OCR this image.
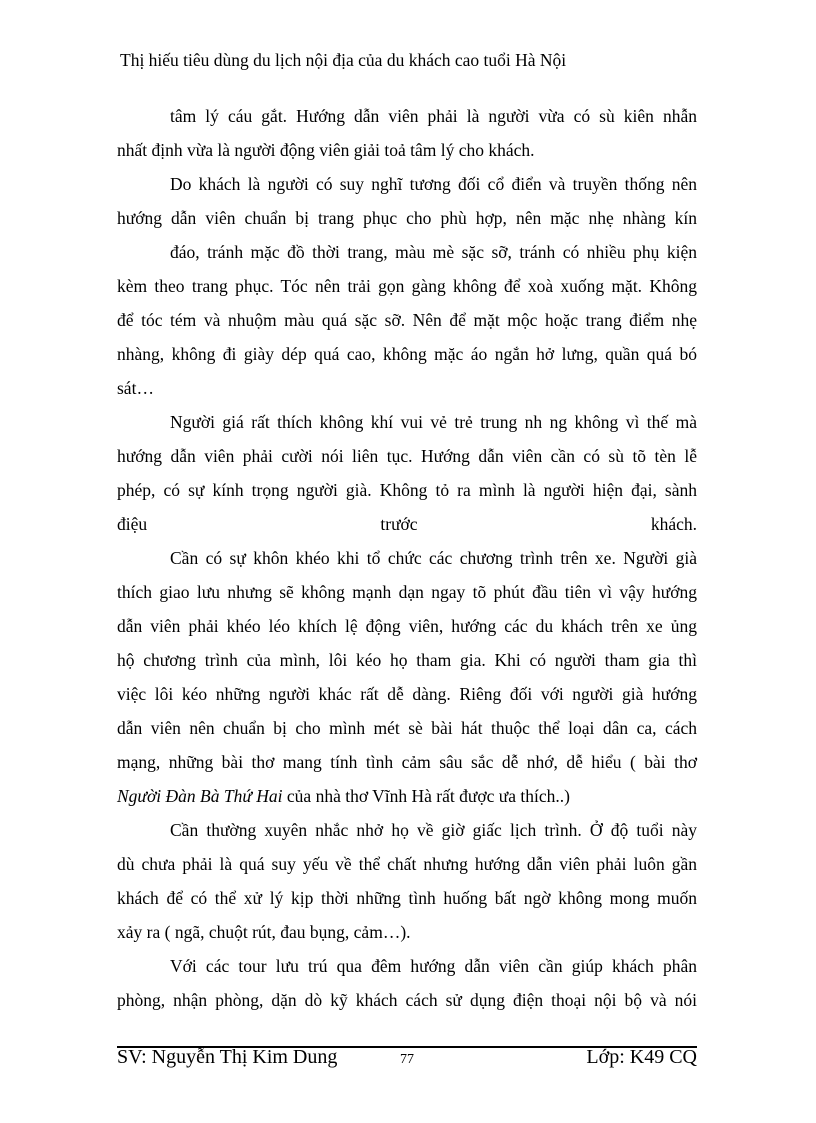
Thị hiếu tiêu dùng du lịch nội địa của du khách cao tuổi Hà Nội
tâm lý cáu gắt. Hướng dẫn viên phải là người vừa có sù kiên nhẫn
nhất định vừa là người động viên giải toả tâm lý cho khách.
Do khách là người có suy nghĩ tương đối cổ điển và truyền thống nên
hướng dẫn viên chuẩn bị trang phục cho phù hợp, nên mặc nhẹ nhàng kín
đáo, tránh mặc đồ thời trang, màu mè sặc sỡ, tránh có nhiều phụ kiện
kèm theo trang phục. Tóc nên trải gọn gàng không để xoà xuống mặt. Không
để tóc tém và nhuộm màu quá sặc sỡ. Nên để mặt mộc hoặc trang điểm nhẹ
nhàng, không đi giày dép quá cao, không mặc áo ngắn hở lưng, quần quá bó
sát…
Người giá rất thích không khí vui vẻ trẻ trung nh ng không vì thế mà
hướng dẫn viên phải cười nói liên tục. Hướng dẫn viên cần có sù tõ tèn lễ
phép, có sự kính trọng người già. Không tỏ ra mình là người hiện đại, sành
điệu	trước	khách.
Cần có sự khôn khéo khi tổ chức các chương trình trên xe. Người già
thích giao lưu nhưng sẽ không mạnh dạn ngay tõ phút đầu tiên vì vậy hướng
dẫn viên phải khéo léo khích lệ động viên, hướng các du khách trên xe ủng
hộ chương trình của mình, lôi kéo họ tham gia. Khi có người tham gia thì
việc lôi kéo những người khác rất dễ dàng. Riêng đối với người già hướng
dẫn viên nên chuẩn bị cho mình mét sè bài hát thuộc thể loại dân ca, cách
mạng, những bài thơ mang tính tình cảm sâu sắc dễ nhớ, dễ hiểu ( bài thơ
Người Đàn Bà Thứ Hai của nhà thơ Vĩnh Hà rất được ưa thích..)
Cần thường xuyên nhắc nhở họ về giờ giấc lịch trình. Ở độ tuổi này
dù chưa phải là quá suy yếu về thể chất nhưng hướng dẫn viên phải luôn gần
khách để có thể xử lý kịp thời những tình huống bất ngờ không mong muốn
xảy ra ( ngã, chuột rút, đau bụng, cảm…).
Với các tour lưu trú qua đêm hướng dẫn viên cần giúp khách phân
phòng, nhận phòng, dặn dò kỹ khách cách sử dụng điện thoại nội bộ và nói
SV: Nguyễn Thị Kim Dung	77	Lớp: K49 CQ
